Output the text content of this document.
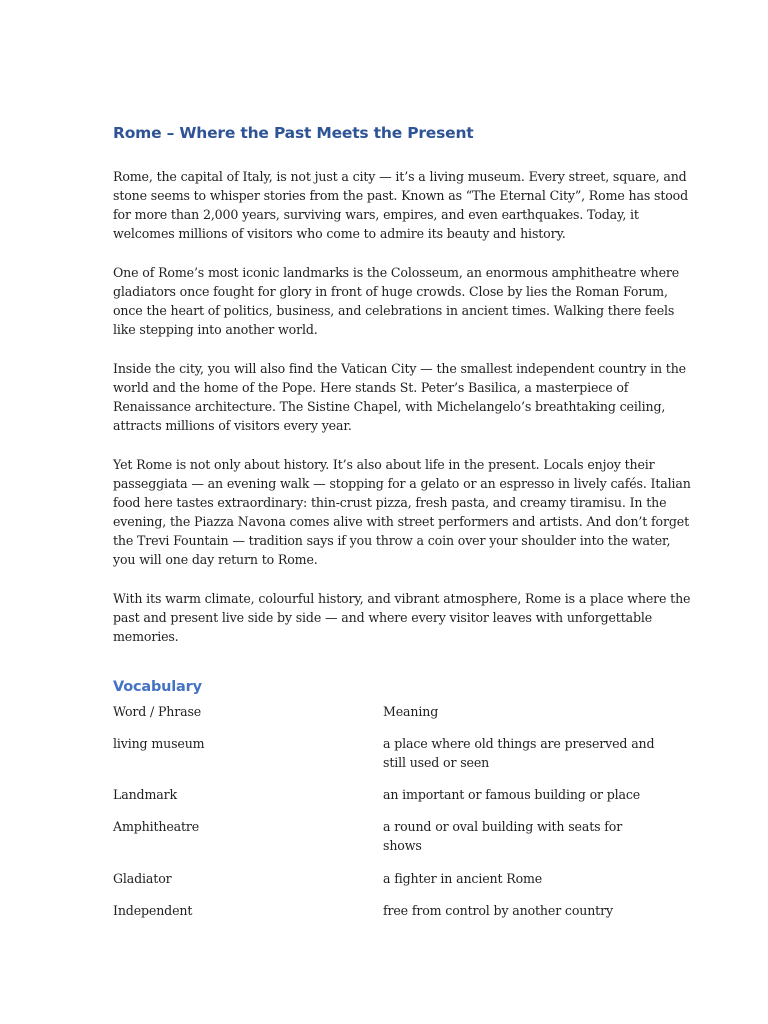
Rome – Where the Past Meets the Present

Rome, the capital of Italy, is not just a city — it’s a living museum. Every street, square, and
stone seems to whisper stories from the past. Known as “The Eternal City”, Rome has stood
for more than 2,000 years, surviving wars, empires, and even earthquakes. Today, it
welcomes millions of visitors who come to admire its beauty and history.

One of Rome’s most iconic landmarks is the Colosseum, an enormous amphitheatre where
gladiators once fought for glory in front of huge crowds. Close by lies the Roman Forum,
once the heart of politics, business, and celebrations in ancient times. Walking there feels
like stepping into another world.

Inside the city, you will also find the Vatican City — the smallest independent country in the
world and the home of the Pope. Here stands St. Peter’s Basilica, a masterpiece of
Renaissance architecture. The Sistine Chapel, with Michelangelo’s breathtaking ceiling,
attracts millions of visitors every year.

Yet Rome is not only about history. It’s also about life in the present. Locals enjoy their
passeggiata — an evening walk — stopping for a gelato or an espresso in lively cafés. Italian
food here tastes extraordinary: thin-crust pizza, fresh pasta, and creamy tiramisu. In the
evening, the Piazza Navona comes alive with street performers and artists. And don’t forget
the Trevi Fountain — tradition says if you throw a coin over your shoulder into the water,
you will one day return to Rome.

With its warm climate, colourful history, and vibrant atmosphere, Rome is a place where the
past and present live side by side — and where every visitor leaves with unforgettable
memories.

Vocabulary
Word / Phrase	Meaning
living museum	a place where old things are preserved and
still used or seen
Landmark	an important or famous building or place
Amphitheatre	a round or oval building with seats for
shows
Gladiator	a fighter in ancient Rome
Independent	free from control by another country
